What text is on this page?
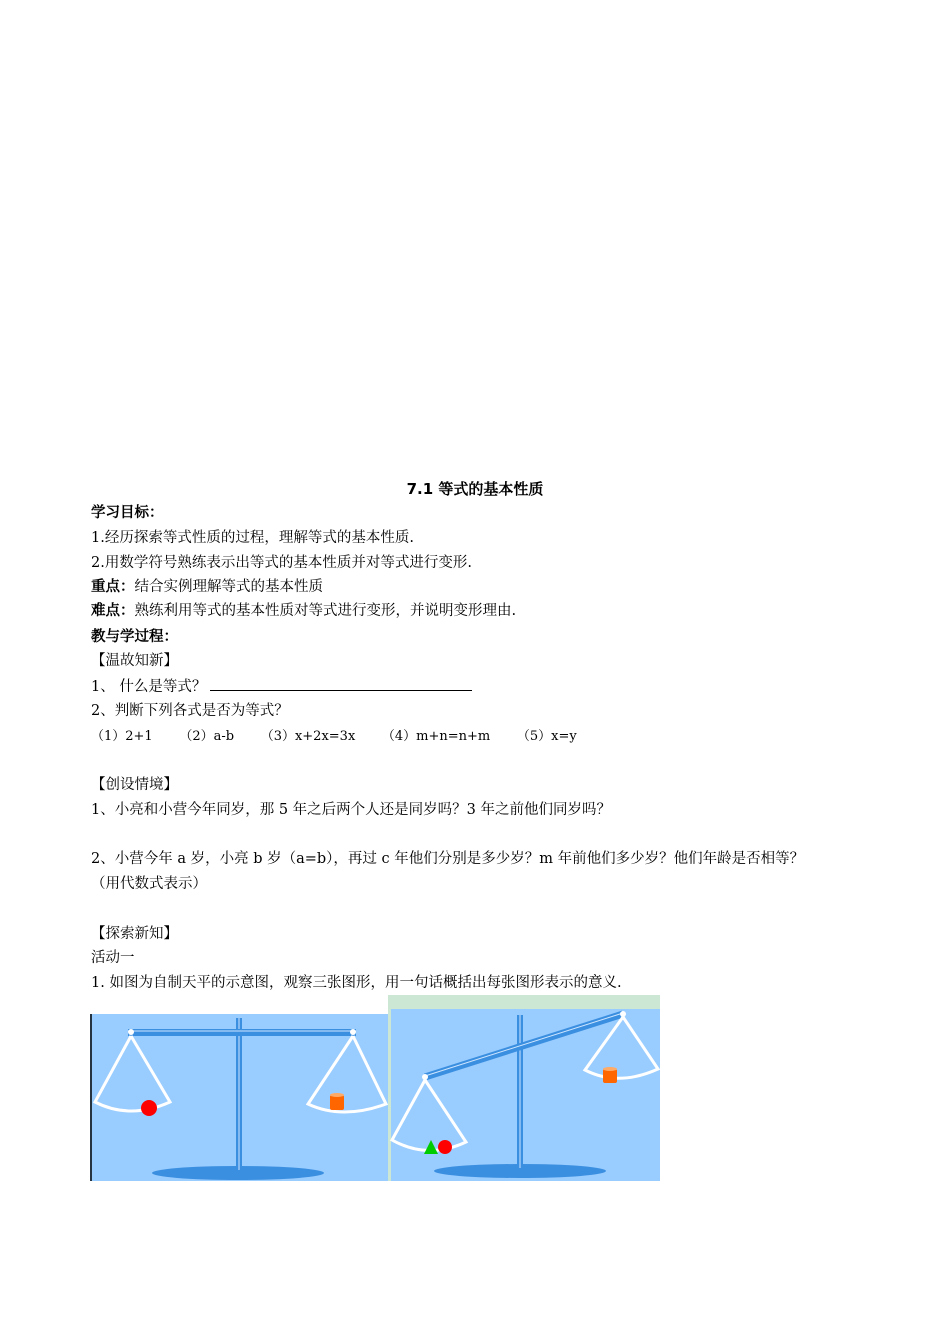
7.1 等式的基本性质
学习目标：
1.经历探索等式性质的过程，理解等式的基本性质.
2.用数学符号熟练表示出等式的基本性质并对等式进行变形.
重点：结合实例理解等式的基本性质
难点：熟练利用等式的基本性质对等式进行变形，并说明变形理由.
教与学过程：
【温故知新】
1、 什么是等式？
2、判断下列各式是否为等式？
（1）2+1 （2）a-b （3）x+2x=3x （4）m+n=n+m （5）x=y
【创设情境】
1、小亮和小营今年同岁，那 5 年之后两个人还是同岁吗？3 年之前他们同岁吗？
2、小营今年 a 岁，小亮 b 岁（a=b），再过 c 年他们分别是多少岁？m 年前他们多少岁？他们年龄是否相等？
（用代数式表示）
【探索新知】
活动一
1. 如图为自制天平的示意图，观察三张图形，用一句话概括出每张图形表示的意义.
